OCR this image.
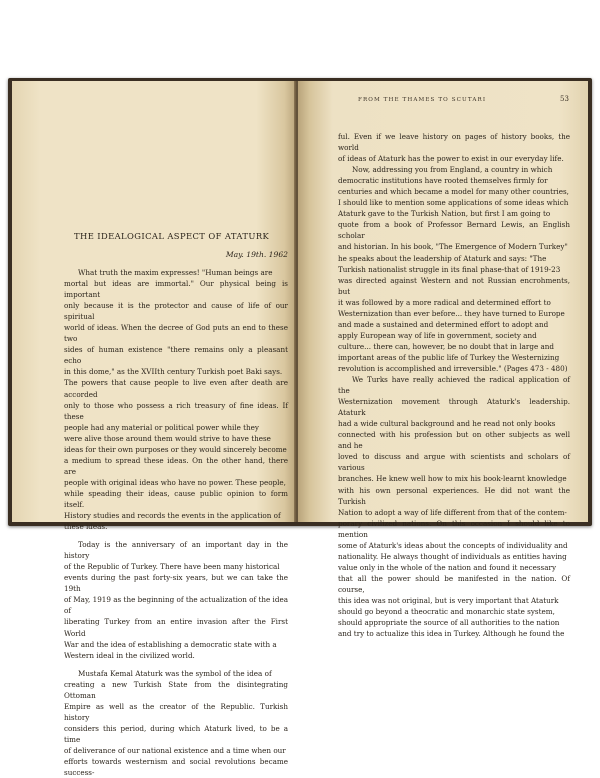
THE IDEALOGICAL ASPECT OF ATATURK
May. 19th. 1962

What truth the maxim expresses! "Human beings are
mortal but ideas are immortal." Our physical being is important
only because it is the protector and cause of life of our spiritual
world of ideas. When the decree of God puts an end to these two
sides of human existence "there remains only a pleasant echo
in this dome," as the XVIIth century Turkish poet Baki says.
The powers that cause people to live even after death are accorded
only to those who possess a rich treasury of fine ideas. If these
people had any material or political power while they
were alive those around them would strive to have these
ideas for their own purposes or they would sincerely become
a medium to spread these ideas. On the other hand, there are
people with original ideas who have no power. These people,
while speading their ideas, cause public opinion to form itself.
History studies and records the events in the application of
these ideas.

Today is the anniversary of an important day in the history
of the Republic of Turkey. There have been many historical
events during the past forty-six years, but we can take the 19th
of May, 1919 as the beginning of the actualization of the idea of
liberating Turkey from an entire invasion after the First World
War and the idea of establishing a democratic state with a
Western ideal in the civilized world.

Mustafa Kemal Ataturk was the symbol of the idea of
creating a new Turkish State from the disintegrating Ottoman
Empire as well as the creator of the Republic. Turkish history
considers this period, during which Ataturk lived, to be a time
of deliverance of our national existence and a time when our
efforts towards westernism and social revolutions became success-

FROM THE THAMES TO SCUTARI	53

ful. Even if we leave history on pages of history books, the world
of ideas of Ataturk has the power to exist in our everyday life.

Now, addressing you from England, a country in which
democratic institutions have rooted themselves firmly for
centuries and which became a model for many other countries,
I should like to mention some applications of some ideas which
Ataturk gave to the Turkish Nation, but first I am going to
quote from a book of Professor Bernard Lewis, an English scholar
and historian. In his book, "The Emergence of Modern Turkey"
he speaks about the leadership of Ataturk and says: "The
Turkish nationalist struggle in its final phase-that of 1919-23
was directed against Western and not Russian encrohments, but
it was followed by a more radical and determined effort to
Westernization than ever before... they have turned to Europe
and made a sustained and determined effort to adopt and
apply European way of life in government, society and
culture... there can, however, be no doubt that in large and
important areas of the public life of Turkey the Westernizing
revolution is accomplished and irreversible." (Pages 473 - 480)

We Turks have really achieved the radical application of the
Westernization movement through Ataturk's leadership. Ataturk
had a wide cultural background and he read not only books
connected with his profession but on other subjects as well and he
loved to discuss and argue with scientists and scholars of various
branches. He knew well how to mix his book-learnt knowledge
with his own personal experiences. He did not want the Turkish
Nation to adopt a way of life different from that of the contem-
porary civilized nations. On this occasion I should like to mention
some of Ataturk's ideas about the concepts of individuality and
nationality. He always thought of individuals as entities having
value only in the whole of the nation and found it necessary
that all the power should be manifested in the nation. Of course,
this idea was not original, but is very important that Ataturk
should go beyond a theocratic and monarchic state system,
should appropriate the source of all authorities to the nation
and try to actualize this idea in Turkey. Although he found the
